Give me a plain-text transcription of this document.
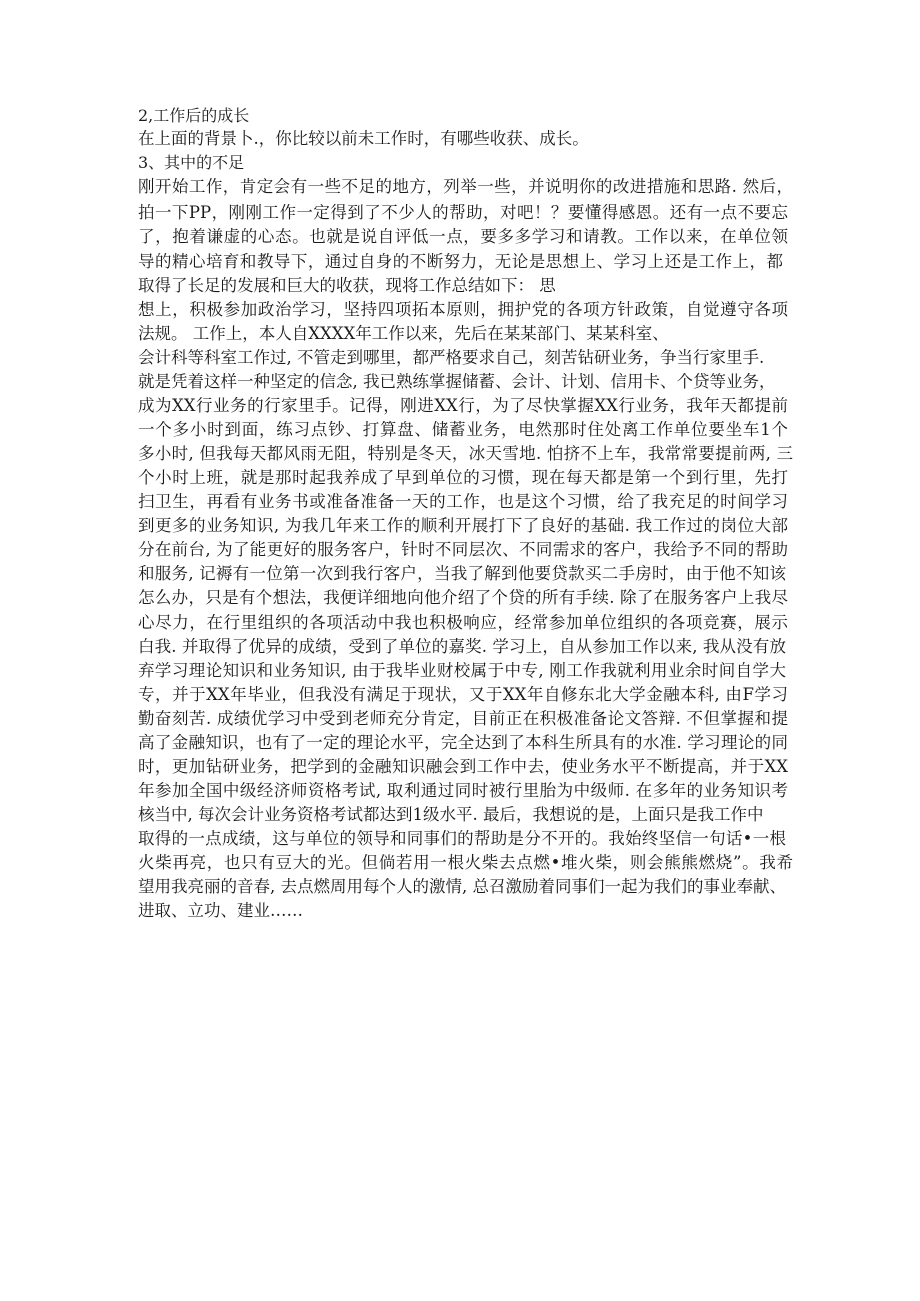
2,工作后的成长
在上面的背景卜.，你比较以前未工作时，有哪些收获、成长。
3、其中的不足
刚开始工作，肯定会有一些不足的地方，列举一些，并说明你的改进措施和思路. 然后，
拍一下PP，刚刚工作一定得到了不少人的帮助，对吧！？要懂得感恩。还有一点不要忘
了，抱着谦虚的心态。也就是说自评低一点，要多多学习和请教。工作以来，在单位领
导的精心培育和教导下，通过自身的不断努力，无论是思想上、学习上还是工作上，都
取得了长足的发展和巨大的收获，现将工作总结如下： 思
想上，积极参加政治学习，坚持四项拓本原则，拥护党的各项方针政策，自觉遵守各项
法规。 工作上，本人自XXXX年工作以来，先后在某某部门、某某科室、
会计科等科室工作过, 不管走到哪里，都严格要求自己，刻苦钻研业务，争当行家里手.
就是凭着这样一种坚定的信念, 我已熟练掌握储蓄、会计、计划、信用卡、个贷等业务，
成为XX行业务的行家里手。记得，刚进XX行，为了尽快掌握XX行业务，我年天都提前
一个多小时到面，练习点钞、打算盘、储蓄业务，电然那时住处离工作单位要坐车1个
多小时, 但我每天都风雨无阻，特别是冬天，冰天雪地. 怕挤不上车，我常常要提前两, 三
个小时上班，就是那时起我养成了早到单位的习惯，现在每天都是第一个到行里，先打
扫卫生，再看有业务书或准备准备一天的工作，也是这个习惯，给了我充足的时间学习
到更多的业务知识, 为我几年来工作的顺利开展打下了良好的基础. 我工作过的岗位大部
分在前台, 为了能更好的服务客户，针时不同层次、不同需求的客户，我给予不同的帮助
和服务, 记褥有一位第一次到我行客户，当我了解到他要贷款买二手房时，由于他不知该
怎么办，只是有个想法，我便详细地向他介绍了个贷的所有手续. 除了在服务客户上我尽
心尽力，在行里组织的各项活动中我也积极响应，经常参加单位组织的各项竞赛，展示
白我. 并取得了优异的成绩，受到了单位的嘉奖. 学习上，自从参加工作以来, 我从没有放
弃学习理论知识和业务知识, 由于我毕业财校属于中专, 刚工作我就利用业余时间自学大
专，并于XX年毕业，但我没有满足于现状，又于XX年自修东北大学金融本科, 由F学习
勤奋刻苦. 成绩优学习中受到老师充分肯定，目前正在积极准备论文答辩. 不但掌握和提
高了金融知识，也有了一定的理论水平，完全达到了本科生所具有的水准. 学习理论的同
时，更加钻研业务，把学到的金融知识融会到工作中去，使业务水平不断提高，并于XX
年参加全国中级经济师资格考试, 取利通过同时被行里胎为中级师. 在多年的业务知识考
核当中, 每次会计业务资格考试都达到1级水平. 最后，我想说的是，上面只是我工作中
取得的一点成绩，这与单位的领导和同事们的帮助是分不开的。我始终坚信一句话•一根
火柴再亮，也只有豆大的光。但倘若用一根火柴去点燃•堆火柴，则会熊熊燃烧”。我希
望用我亮丽的音春, 去点燃周用每个人的激情, 总召激励着同事们一起为我们的事业奉献、
进取、立功、建业……
